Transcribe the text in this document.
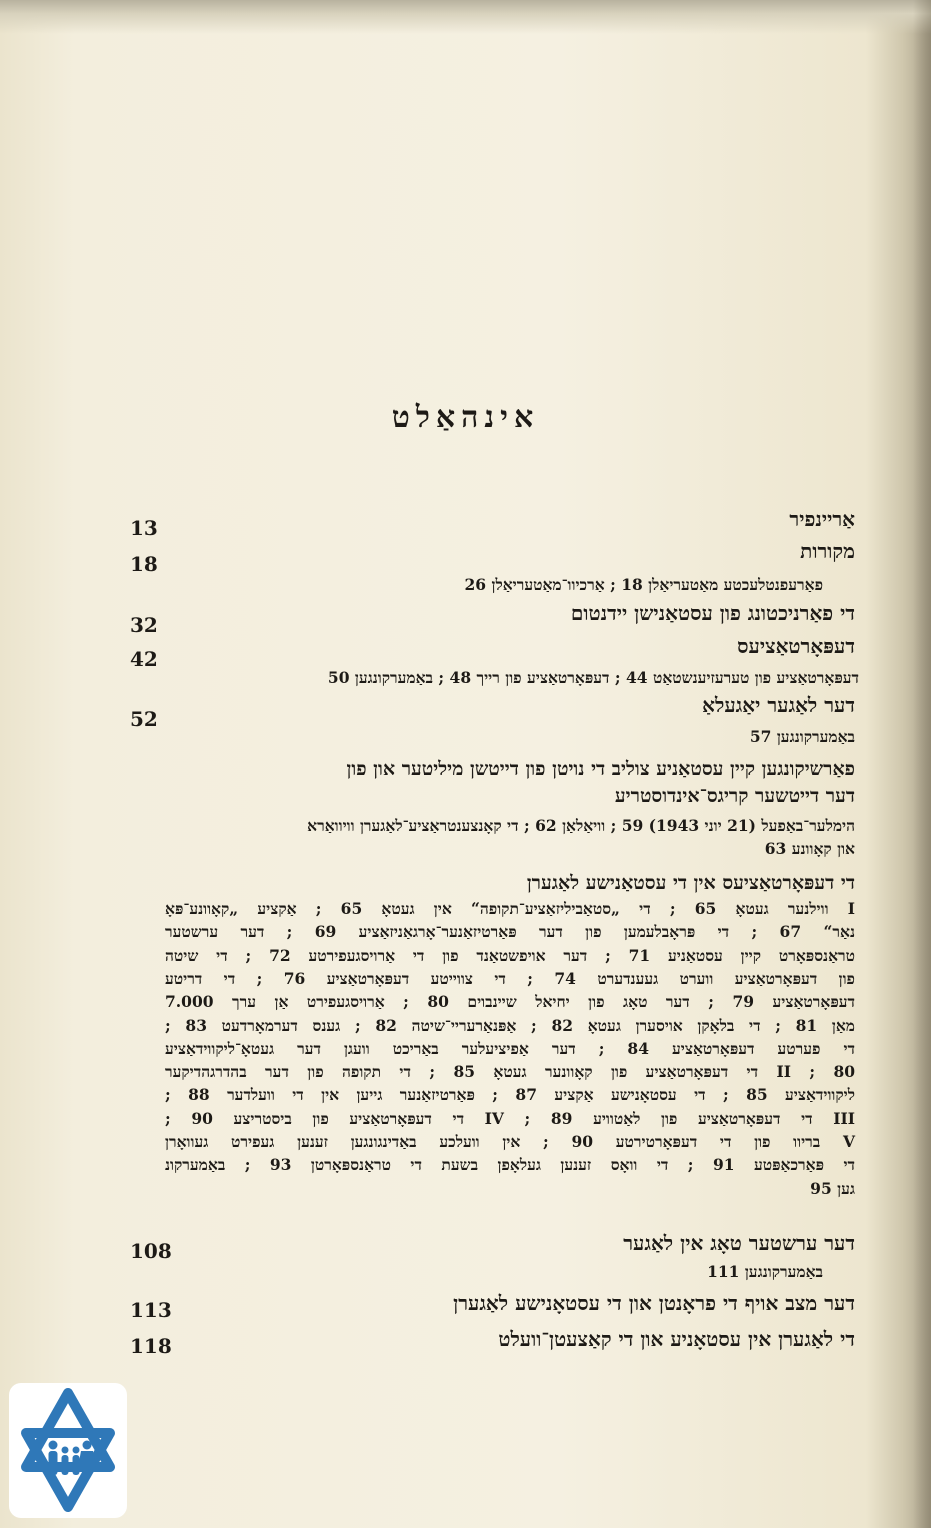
אינהאַלט
אַריינפיר
13
מקורות
18
פאַרעפנטלעכטע מאַטעריאַלן 18 ; אַרכיוו־מאַטעריאַלן 26
די פאַרניכטונג פון עסטאַנישן יידנטום
32
דעפּאָרטאַציעס
42
דעפּאָרטאַציע פון טערעזיענשטאַט 44 ; דעפּאָרטאַציע פון רייך 48 ; באַמערקונגען 50
דער לאַגער יאַגעלאַ
52
באַמערקונגען 57
פאַרשיקונגען קיין עסטאַניע צוליב די נויטן פון דייטשן מיליטער און פון
דער דייטשער קריגס־אינדוסטריע
הימלער־באַפעל (21 יוני 1943) 59 ; וויאַלאַן 62 ; די קאָנצענטראַציע־לאַגערן וויוואַרא
און קאָוונע 63
די דעפּאָרטאַציעס אין די עסטאַנישע לאַגערן
I ווילנער געטאָ 65 ; די „סטאַביליזאַציע־תקופה“ אין געטאָ 65 ; אַקציע „קאָוונע־פּאָ
נאַר“ 67 ; די פּראָבלעמען פון דער פּאַרטיזאַנער־אָרגאַניזאַציע 69 ; דער ערשטער
טראַנספּאָרט קיין עסטאַניע 71 ; דער אויפשטאַנד פון די אַרויסגעפירטע 72 ; די שיטה
פון דעפּאָרטאַציע ווערט געענדערט 74 ; די צווייטע דעפּאָרטאַציע 76 ; די דריטע
דעפּאָרטאַציע 79 ; דער טאָג פון יחיאל שיינבוים 80 ; אַרויסגעפירט אַן ערך 7.000
מאַן 81 ; די בלאָקן אויסערן געטאָ 82 ; אַפּנאַרעריי־שיטה 82 ; גענס דערמאָרדעט 83 ;
די פערטע דעפּאָרטאַציע 84 ; דער אַפיציעלער באַריכט וועגן דער געטאָ־ליקווידאַציע
80 ; II די דעפּאָרטאַציע פון קאָוונער געטאָ 85 ; די תקופה פון דער בהדרגהדיקער
ליקווידאַציע 85 ; די עסטאָנישע אַקציע 87 ; פּאַרטיזאַנער גייען אין די וועלדער 88 ;
III די דעפּאָרטאַציע פון לאַטוויע 89 ; IV די דעפּאָרטאַציע פון ביסטריצע 90 ;
V בריוו פון די דעפּאָרטירטע 90 ; אין וועלכע באַדינגונגען זענען געפירט געוואָרן
די פּאַרכאַפּטע 91 ; די וואָס זענען געלאָפן בשעת די טראַנספּאָרטן 93 ; באַמערקונ
גען 95
דער ערשטער טאָג אין לאַגער
108
באַמערקונגען 111
דער מצב אויף די פראָנטן און די עסטאָנישע לאַגערן
113
די לאַגערן אין עסטאָניע און די קאַצעטן־וועלט
118
